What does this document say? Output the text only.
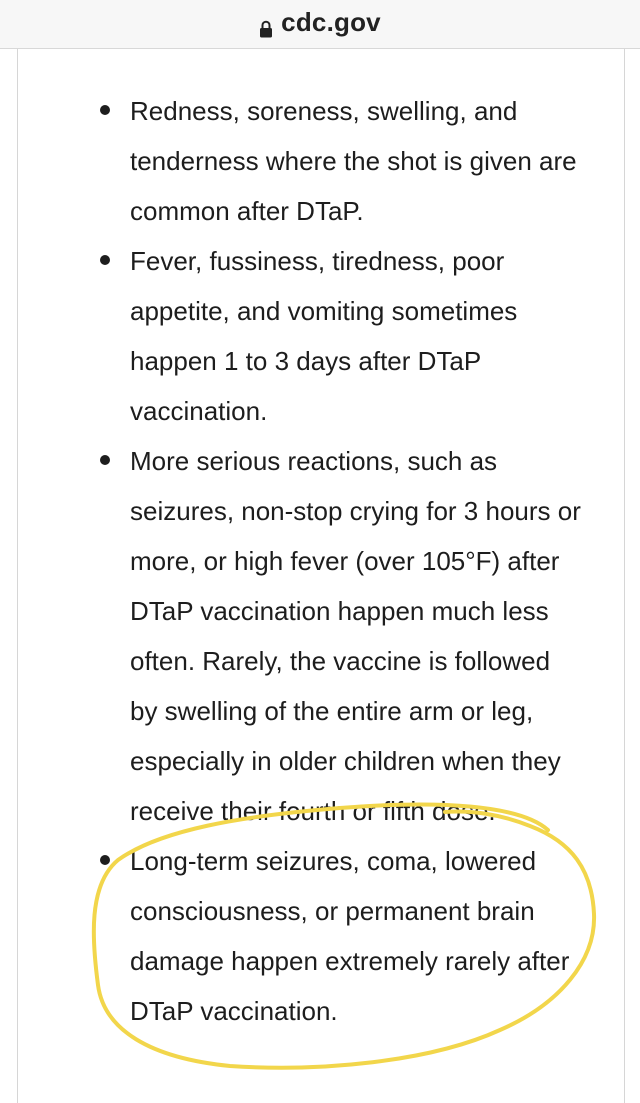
cdc.gov
Redness, soreness, swelling, and tenderness where the shot is given are common after DTaP.
Fever, fussiness, tiredness, poor appetite, and vomiting sometimes happen 1 to 3 days after DTaP vaccination.
More serious reactions, such as seizures, non-stop crying for 3 hours or more, or high fever (over 105°F) after DTaP vaccination happen much less often. Rarely, the vaccine is followed by swelling of the entire arm or leg, especially in older children when they receive their fourth or fifth dose.
Long-term seizures, coma, lowered consciousness, or permanent brain damage happen extremely rarely after DTaP vaccination.
